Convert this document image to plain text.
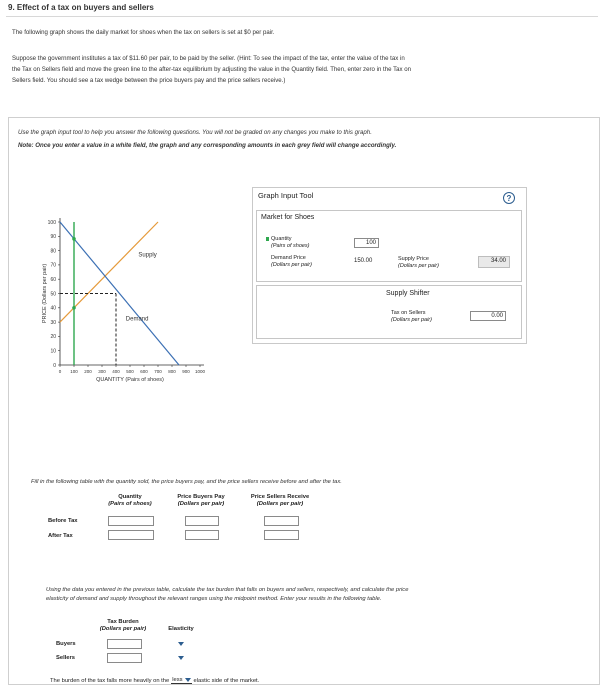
9. Effect of a tax on buyers and sellers
The following graph shows the daily market for shoes when the tax on sellers is set at $0 per pair.
Suppose the government institutes a tax of $11.60 per pair, to be paid by the seller. (Hint: To see the impact of the tax, enter the value of the tax in
the Tax on Sellers field and move the green line to the after-tax equilibrium by adjusting the value in the Quantity field. Then, enter zero in the Tax on
Sellers field. You should see a tax wedge between the price buyers pay and the price sellers receive.)
Use the graph input tool to help you answer the following questions. You will not be graded on any changes you make to this graph.
Note: Once you enter a value in a white field, the graph and any corresponding amounts in each grey field will change accordingly.
100
90
80
70
60
50
40
30
20
10
0
0 100 200 300 400 500 600 700 800 900 1000
Supply
Demand
QUANTITY (Pairs of shoes)
PRICE (Dollars per pair)
Graph Input Tool	?
Market for Shoes
Quantity
(Pairs of shoes)	100
Demand Price
(Dollars per pair)
150.00	Supply Price
(Dollars per pair)
34.00
Supply Shifter
Tax on Sellers
(Dollars per pair)
0.00
Fill in the following table with the quantity sold, the price buyers pay, and the price sellers receive before and after the tax.
Quantity
(Pairs of shoes)
Price Buyers Pay
(Dollars per pair)
Price Sellers Receive
(Dollars per pair)
Before Tax
After Tax
Using the data you entered in the previous table, calculate the tax burden that falls on buyers and sellers, respectively, and calculate the price
elasticity of demand and supply throughout the relevant ranges using the midpoint method. Enter your results in the following table.
Tax Burden
(Dollars per pair)	Elasticity
Buyers
Sellers
The burden of the tax falls more heavily on the less elastic side of the market.
